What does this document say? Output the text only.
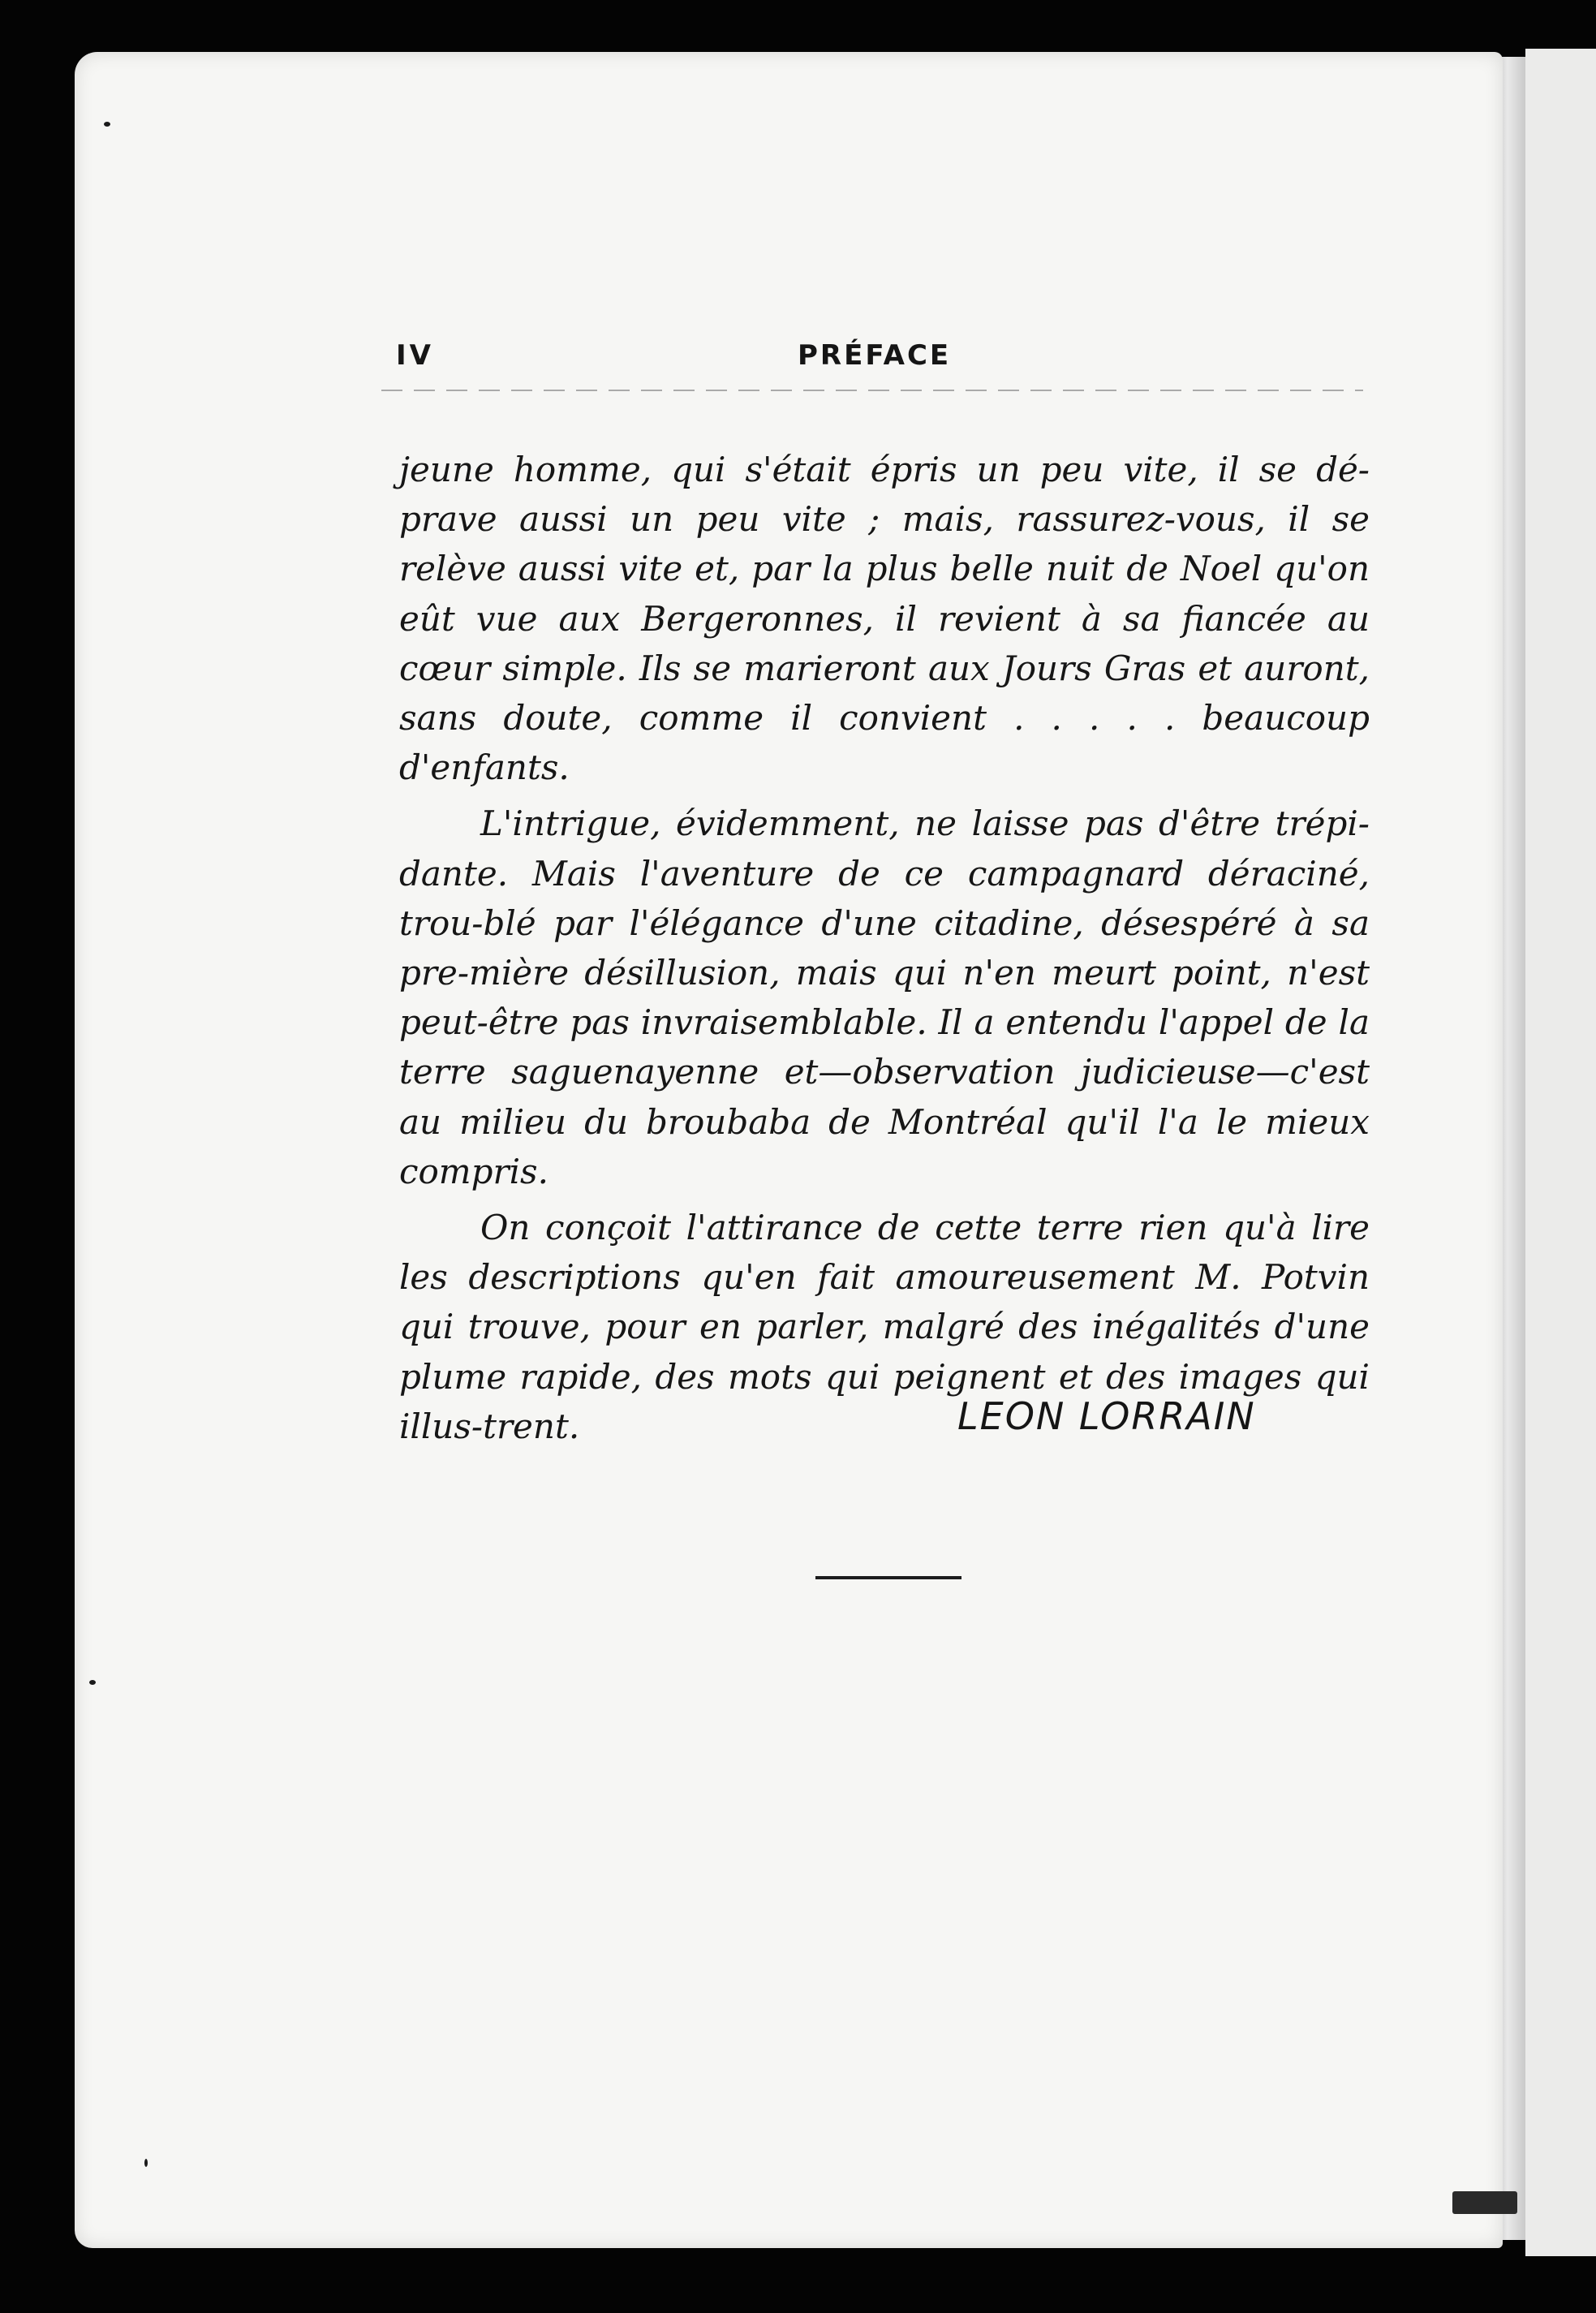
IV	PRÉFACE

jeune homme, qui s'était épris un peu vite, il se dé-prave aussi un peu vite ; mais, rassurez-vous, il se relève aussi vite et, par la plus belle nuit de Noel qu'on eût vue aux Bergeronnes, il revient à sa fiancée au cœur simple. Ils se marieront aux Jours Gras et auront, sans doute, comme il convient . . . . . beaucoup d'enfants.

L'intrigue, évidemment, ne laisse pas d'être trépi-dante. Mais l'aventure de ce campagnard déraciné, trou-blé par l'élégance d'une citadine, désespéré à sa pre-mière désillusion, mais qui n'en meurt point, n'est peut-être pas invraisemblable. Il a entendu l'appel de la terre saguenayenne et—observation judicieuse—c'est au milieu du broubaba de Montréal qu'il l'a le mieux compris.

On conçoit l'attirance de cette terre rien qu'à lire les descriptions qu'en fait amoureusement M. Potvin qui trouve, pour en parler, malgré des inégalités d'une plume rapide, des mots qui peignent et des images qui illus-trent.	LEON LORRAIN
